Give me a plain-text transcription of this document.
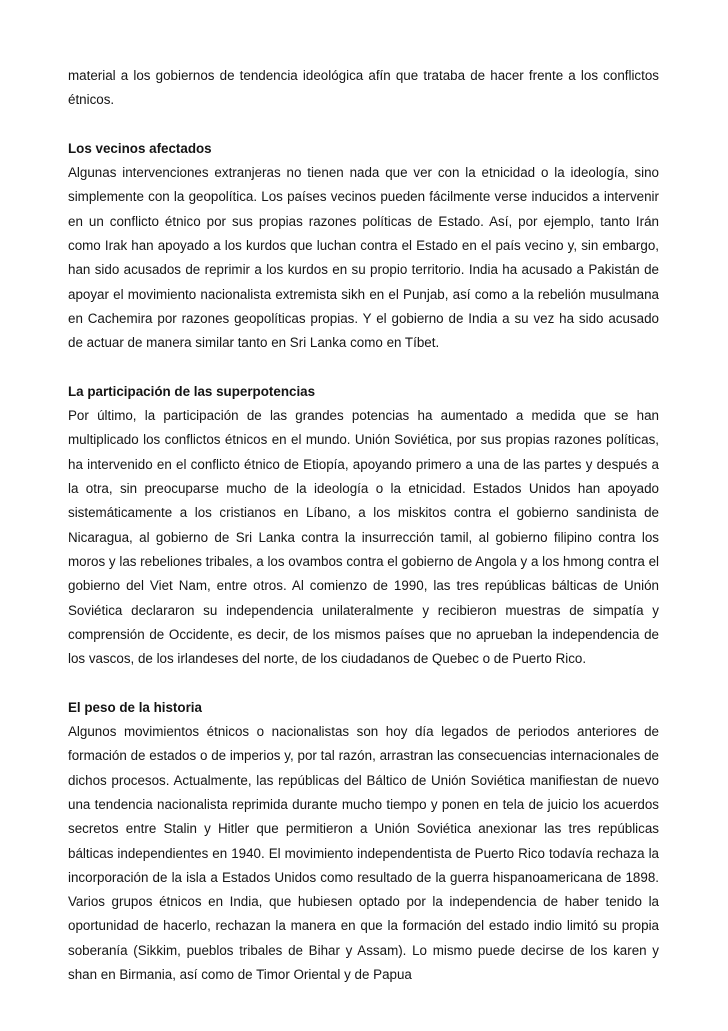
material a los gobiernos de tendencia ideológica afín que trataba de hacer frente a los conflictos étnicos.

Los vecinos afectados

Algunas intervenciones extranjeras no tienen nada que ver con la etnicidad o la ideología, sino simplemente con la geopolítica. Los países vecinos pueden fácilmente verse inducidos a intervenir en un conflicto étnico por sus propias razones políticas de Estado. Así, por ejemplo, tanto Irán como Irak han apoyado a los kurdos que luchan contra el Estado en el país vecino y, sin embargo, han sido acusados de reprimir a los kurdos en su propio territorio. India ha acusado a Pakistán de apoyar el movimiento nacionalista extremista sikh en el Punjab, así como a la rebelión musulmana en Cachemira por razones geopolíticas propias. Y el gobierno de India a su vez ha sido acusado de actuar de manera similar tanto en Sri Lanka como en Tíbet.

La participación de las superpotencias

Por último, la participación de las grandes potencias ha aumentado a medida que se han multiplicado los conflictos étnicos en el mundo. Unión Soviética, por sus propias razones políticas, ha intervenido en el conflicto étnico de Etiopía, apoyando primero a una de las partes y después a la otra, sin preocuparse mucho de la ideología o la etnicidad. Estados Unidos han apoyado sistemáticamente a los cristianos en Líbano, a los miskitos contra el gobierno sandinista de Nicaragua, al gobierno de Sri Lanka contra la insurrección tamil, al gobierno filipino contra los moros y las rebeliones tribales, a los ovambos contra el gobierno de Angola y a los hmong contra el gobierno del Viet Nam, entre otros. Al comienzo de 1990, las tres repúblicas bálticas de Unión Soviética declararon su independencia unilateralmente y recibieron muestras de simpatía y comprensión de Occidente, es decir, de los mismos países que no aprueban la independencia de los vascos, de los irlandeses del norte, de los ciudadanos de Quebec o de Puerto Rico.

El peso de la historia

Algunos movimientos étnicos o nacionalistas son hoy día legados de periodos anteriores de formación de estados o de imperios y, por tal razón, arrastran las consecuencias internacionales de dichos procesos. Actualmente, las repúblicas del Báltico de Unión Soviética manifiestan de nuevo una tendencia nacionalista reprimida durante mucho tiempo y ponen en tela de juicio los acuerdos secretos entre Stalin y Hitler que permitieron a Unión Soviética anexionar las tres repúblicas bálticas independientes en 1940. El movimiento independentista de Puerto Rico todavía rechaza la incorporación de la isla a Estados Unidos como resultado de la guerra hispanoamericana de 1898. Varios grupos étnicos en India, que hubiesen optado por la independencia de haber tenido la oportunidad de hacerlo, rechazan la manera en que la formación del estado indio limitó su propia soberanía (Sikkim, pueblos tribales de Bihar y Assam). Lo mismo puede decirse de los karen y shan en Birmania, así como de Timor Oriental y de Papua
